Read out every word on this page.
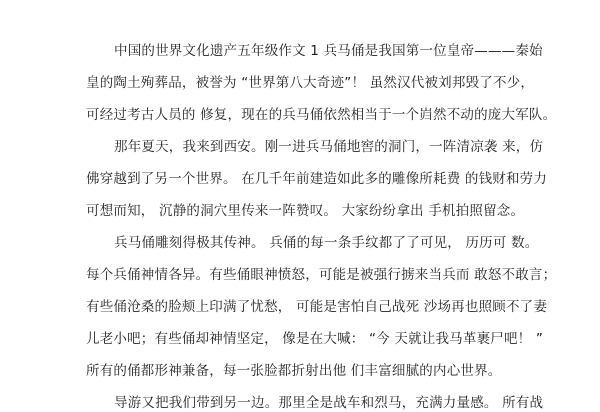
中国的世界文化遗产五年级作文 1 兵马俑是我国第一位皇帝———秦始
皇的陶土殉葬品，被誉为 “世界第八大奇迹”！ 虽然汉代被刘邦毁了不少，
可经过考古人员的 修复，现在的兵马俑依然相当于一个岿然不动的庞大军队。
那年夏天，我来到西安。刚一进兵马俑地窖的洞门，一阵清凉袭 来，仿
佛穿越到了另一个世界。 在几千年前建造如此多的雕像所耗费 的钱财和劳力
可想而知， 沉静的洞穴里传来一阵赞叹。 大家纷纷拿出 手机拍照留念。
兵马俑雕刻得极其传神。 兵俑的每一条手纹都了了可见， 历历可 数。
每个兵俑神情各异。有些俑眼神愤怒，可能是被强行掳来当兵而 敢怒不敢言；
有些俑沧桑的脸颊上印满了忧愁， 可能是害怕自己战死 沙场再也照顾不了妻
儿老小吧；有些俑却神情坚定， 像是在大喊： “今 天就让我马革裹尸吧！ ”
所有的俑都形神兼备，每一张脸都折射出他 们丰富细腻的内心世界。
导游又把我们带到另一边。那里全是战车和烈马，充满力量感。 所有战
